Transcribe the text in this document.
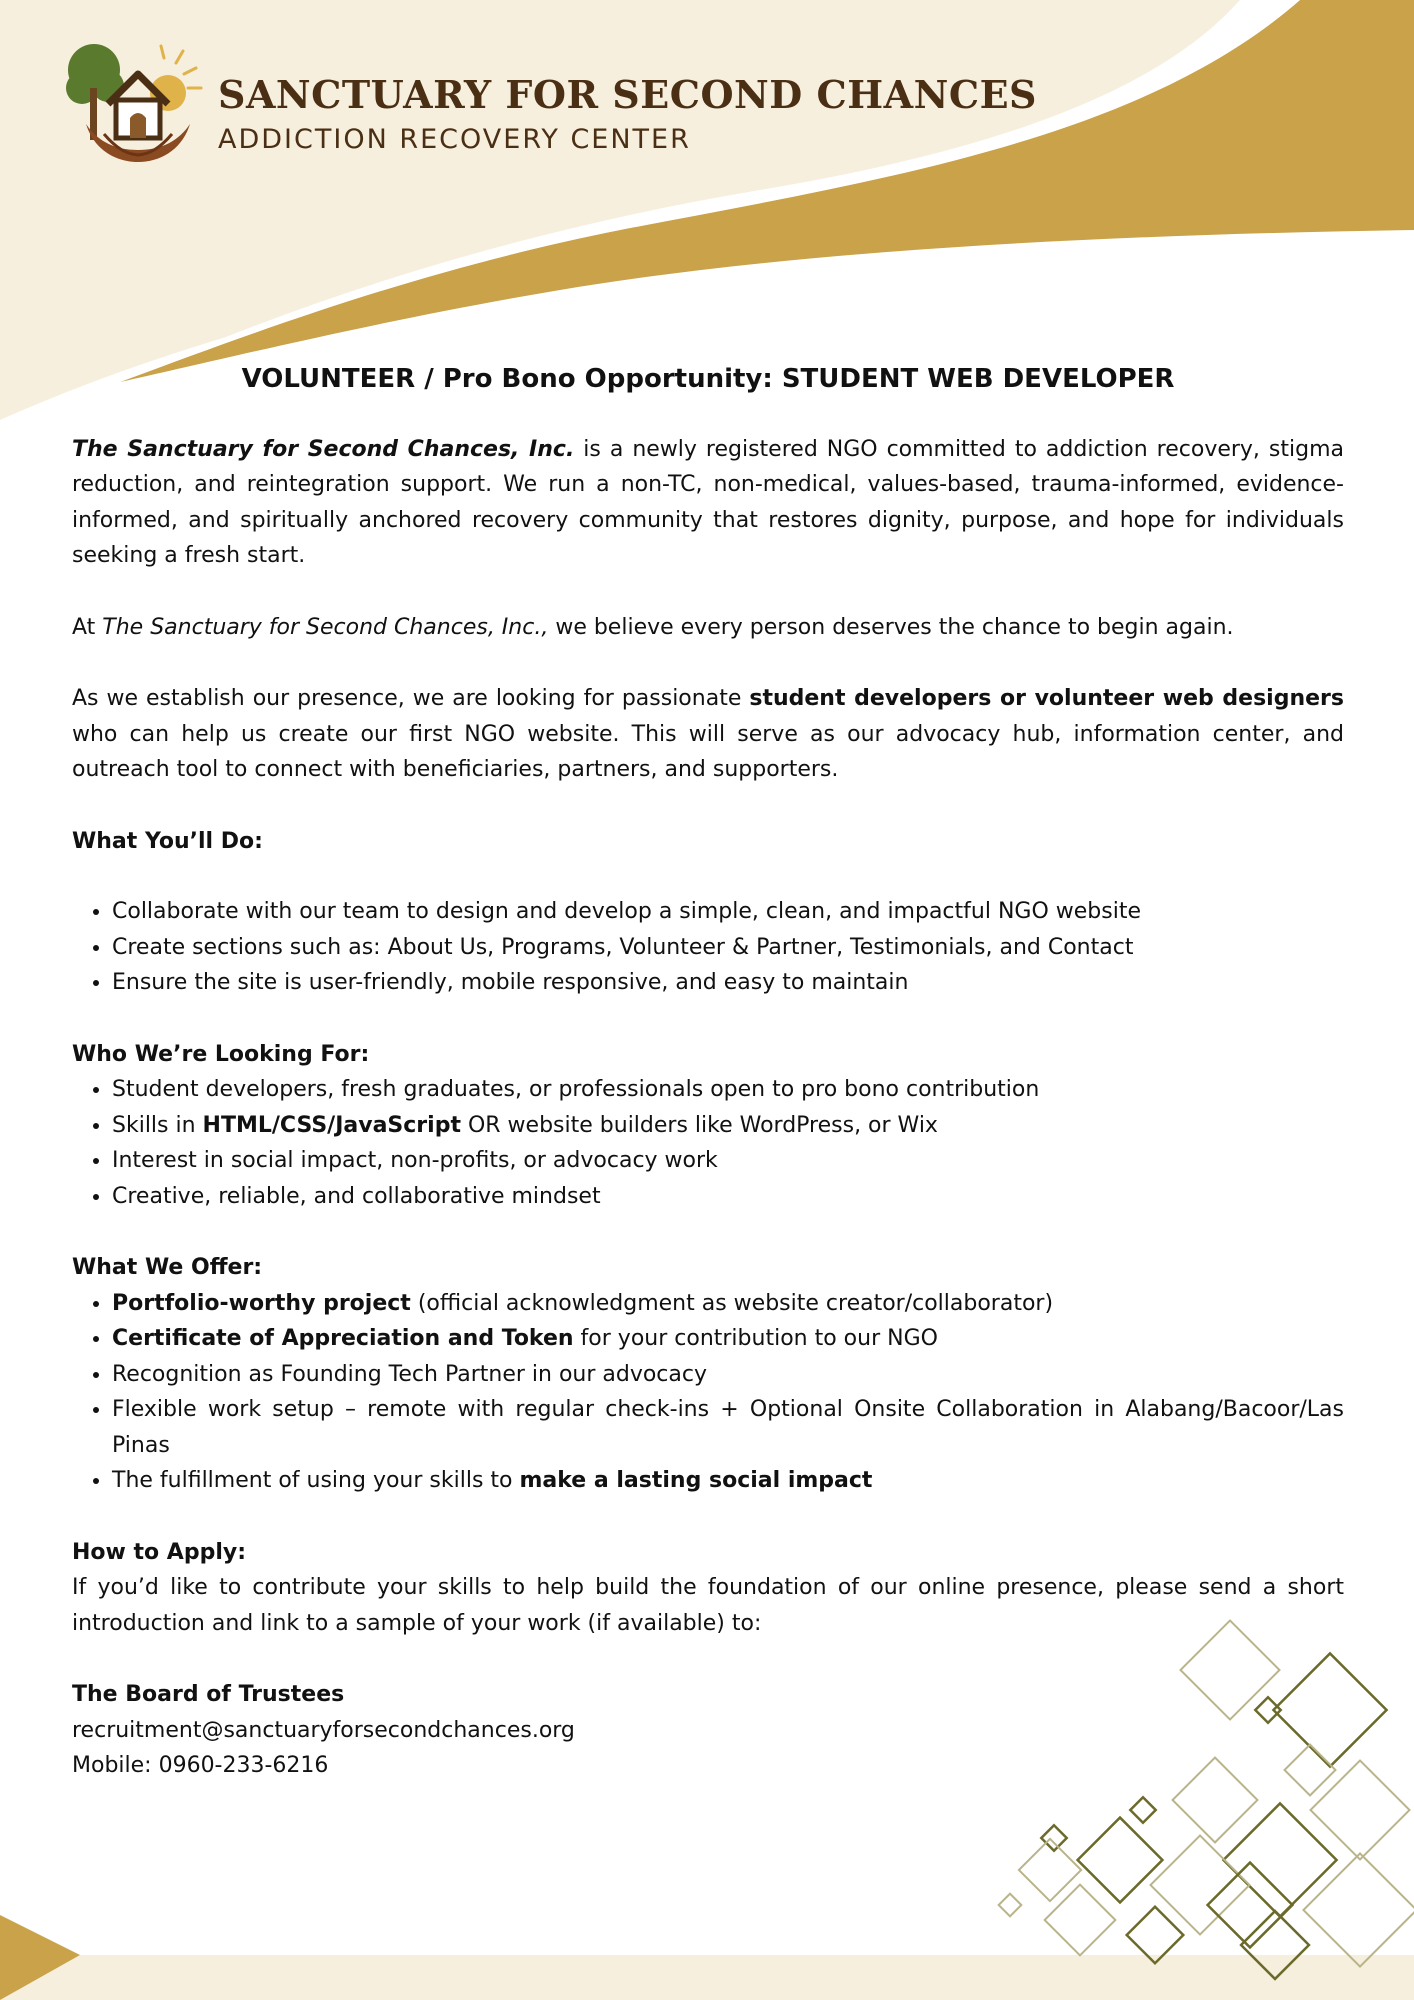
SANCTUARY FOR SECOND CHANCES
ADDICTION RECOVERY CENTER
VOLUNTEER / Pro Bono Opportunity: STUDENT WEB DEVELOPER

The Sanctuary for Second Chances, Inc. is a newly registered NGO committed to addiction recovery, stigma reduction, and reintegration support. We run a non-TC, non-medical, values-based, trauma-informed, evidence-informed, and spiritually anchored recovery community that restores dignity, purpose, and hope for individuals seeking a fresh start.

At The Sanctuary for Second Chances, Inc., we believe every person deserves the chance to begin again.

As we establish our presence, we are looking for passionate student developers or volunteer web designers who can help us create our first NGO website. This will serve as our advocacy hub, information center, and outreach tool to connect with beneficiaries, partners, and supporters.

What You’ll Do:

• Collaborate with our team to design and develop a simple, clean, and impactful NGO website
• Create sections such as: About Us, Programs, Volunteer & Partner, Testimonials, and Contact
• Ensure the site is user-friendly, mobile responsive, and easy to maintain

Who We’re Looking For:

• Student developers, fresh graduates, or professionals open to pro bono contribution
• Skills in HTML/CSS/JavaScript OR website builders like WordPress, or Wix
• Interest in social impact, non-profits, or advocacy work
• Creative, reliable, and collaborative mindset

What We Offer:

• Portfolio-worthy project (official acknowledgment as website creator/collaborator)
• Certificate of Appreciation and Token for your contribution to our NGO
• Recognition as Founding Tech Partner in our advocacy
• Flexible work setup – remote with regular check-ins + Optional Onsite Collaboration in Alabang/Bacoor/Las Pinas
• The fulfillment of using your skills to make a lasting social impact

How to Apply:

If you’d like to contribute your skills to help build the foundation of our online presence, please send a short introduction and link to a sample of your work (if available) to:

The Board of Trustees

recruitment@sanctuaryforsecondchances.org

Mobile: 0960-233-6216
